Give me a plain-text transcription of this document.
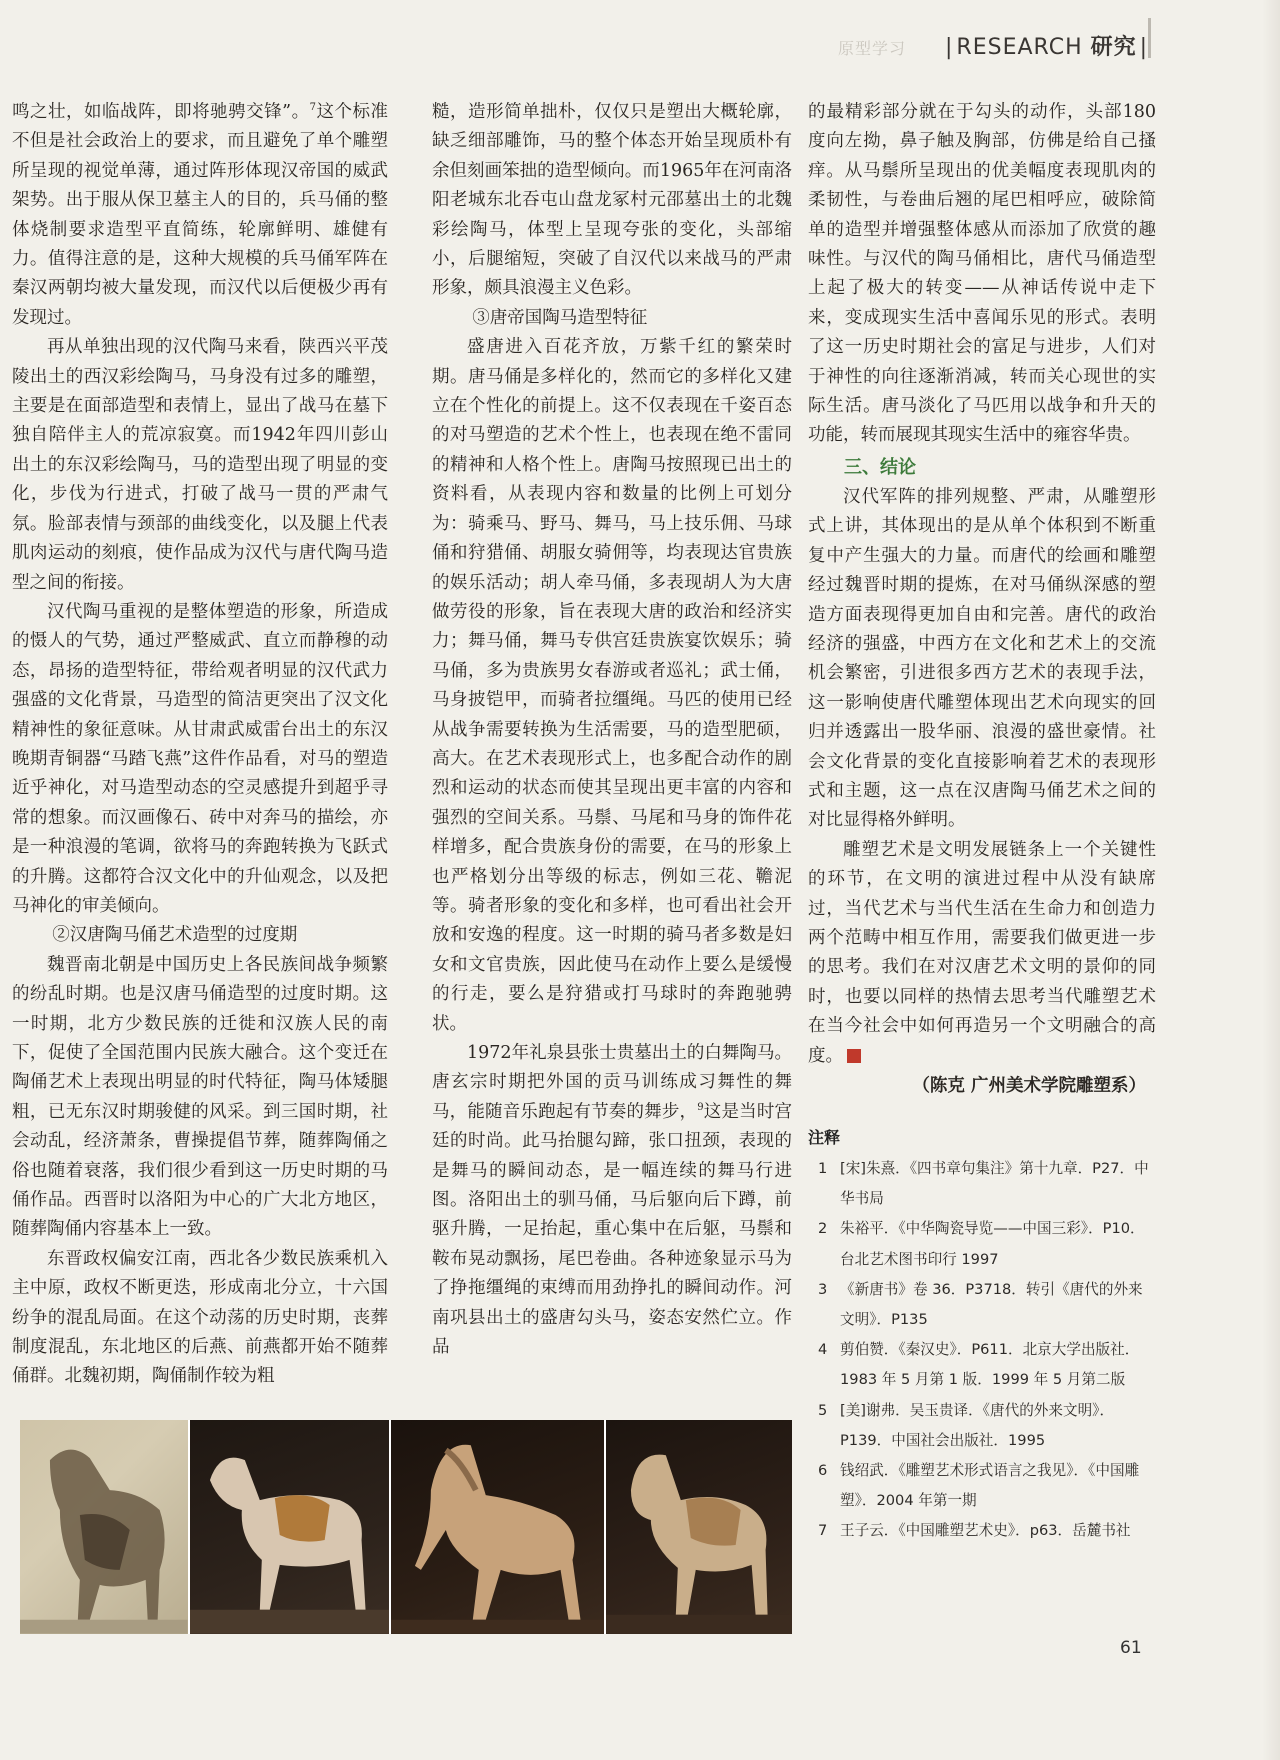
原型学习 | RESEARCH 研究 |

鸣之壮，如临战阵，即将驰骋交锋”。$^7$这个标准不但是社会政治上的要求，而且避免了单个雕塑所呈现的视觉单薄，通过阵形体现汉帝国的威武架势。出于服从保卫墓主人的目的，兵马俑的整体烧制要求造型平直简练，轮廓鲜明、雄健有力。值得注意的是，这种大规模的兵马俑军阵在秦汉两朝均被大量发现，而汉代以后便极少再有发现过。

再从单独出现的汉代陶马来看，陕西兴平茂陵出土的西汉彩绘陶马，马身没有过多的雕塑，主要是在面部造型和表情上，显出了战马在墓下独自陪伴主人的荒凉寂寞。而1942年四川彭山出土的东汉彩绘陶马，马的造型出现了明显的变化，步伐为行进式，打破了战马一贯的严肃气氛。脸部表情与颈部的曲线变化，以及腿上代表肌肉运动的刻痕，使作品成为汉代与唐代陶马造型之间的衔接。

汉代陶马重视的是整体塑造的形象，所造成的慑人的气势，通过严整威武、直立而静穆的动态，昂扬的造型特征，带给观者明显的汉代武力强盛的文化背景，马造型的简洁更突出了汉文化精神性的象征意味。从甘肃武威雷台出土的东汉晚期青铜器“马踏飞燕”这件作品看，对马的塑造近乎神化，对马造型动态的空灵感提升到超乎寻常的想象。而汉画像石、砖中对奔马的描绘，亦是一种浪漫的笔调，欲将马的奔跑转换为飞跃式的升腾。这都符合汉文化中的升仙观念，以及把马神化的审美倾向。

②汉唐陶马俑艺术造型的过度期

魏晋南北朝是中国历史上各民族间战争频繁的纷乱时期。也是汉唐马俑造型的过度时期。这一时期，北方少数民族的迁徙和汉族人民的南下，促使了全国范围内民族大融合。这个变迁在陶俑艺术上表现出明显的时代特征，陶马体矮腿粗，已无东汉时期骏健的风采。到三国时期，社会动乱，经济萧条，曹操提倡节葬，随葬陶俑之俗也随着衰落，我们很少看到这一历史时期的马俑作品。西晋时以洛阳为中心的广大北方地区，随葬陶俑内容基本上一致。

东晋政权偏安江南，西北各少数民族乘机入主中原，政权不断更迭，形成南北分立，十六国纷争的混乱局面。在这个动荡的历史时期，丧葬制度混乱，东北地区的后燕、前燕都开始不随葬俑群。北魏初期，陶俑制作较为粗

糙，造形简单拙朴，仅仅只是塑出大概轮廓，缺乏细部雕饰，马的整个体态开始呈现质朴有余但刻画笨拙的造型倾向。而1965年在河南洛阳老城东北吞屯山盘龙冢村元邵墓出土的北魏彩绘陶马，体型上呈现夸张的变化，头部缩小，后腿缩短，突破了自汉代以来战马的严肃形象，颇具浪漫主义色彩。

③唐帝国陶马造型特征

盛唐进入百花齐放，万紫千红的繁荣时期。唐马俑是多样化的，然而它的多样化又建立在个性化的前提上。这不仅表现在千姿百态的对马塑造的艺术个性上，也表现在绝不雷同的精神和人格个性上。唐陶马按照现已出土的资料看，从表现内容和数量的比例上可划分为：骑乘马、野马、舞马，马上技乐佣、马球俑和狩猎俑、胡服女骑佣等，均表现达官贵族的娱乐活动；胡人牵马俑，多表现胡人为大唐做劳役的形象，旨在表现大唐的政治和经济实力；舞马俑，舞马专供宫廷贵族宴饮娱乐；骑马俑，多为贵族男女春游或者巡礼；武士俑，马身披铠甲，而骑者拉缰绳。马匹的使用已经从战争需要转换为生活需要，马的造型肥硕，高大。在艺术表现形式上，也多配合动作的剧烈和运动的状态而使其呈现出更丰富的内容和强烈的空间关系。马鬃、马尾和马身的饰件花样增多，配合贵族身份的需要，在马的形象上也严格划分出等级的标志，例如三花、韂泥等。骑者形象的变化和多样，也可看出社会开放和安逸的程度。这一时期的骑马者多数是妇女和文官贵族，因此使马在动作上要么是缓慢的行走，要么是狩猎或打马球时的奔跑驰骋状。

1972年礼泉县张士贵墓出土的白舞陶马。唐玄宗时期把外国的贡马训练成习舞性的舞马，能随音乐跑起有节奏的舞步，$^9$这是当时宫廷的时尚。此马抬腿勾蹄，张口扭颈，表现的是舞马的瞬间动态，是一幅连续的舞马行进图。洛阳出土的驯马俑，马后躯向后下蹲，前驱升腾，一足抬起，重心集中在后躯，马鬃和鞍布晃动飘扬，尾巴卷曲。各种迹象显示马为了挣拖缰绳的束缚而用劲挣扎的瞬间动作。河南巩县出土的盛唐勾头马，姿态安然伫立。作品

的最精彩部分就在于勾头的动作，头部180度向左拗，鼻子触及胸部，仿佛是给自己搔痒。从马鬃所呈现出的优美幅度表现肌肉的柔韧性，与卷曲后翘的尾巴相呼应，破除简单的造型并增强整体感从而添加了欣赏的趣味性。与汉代的陶马俑相比，唐代马俑造型上起了极大的转变——从神话传说中走下来，变成现实生活中喜闻乐见的形式。表明了这一历史时期社会的富足与进步，人们对于神性的向往逐渐消减，转而关心现世的实际生活。唐马淡化了马匹用以战争和升天的功能，转而展现其现实生活中的雍容华贵。

三、结论

汉代军阵的排列规整、严肃，从雕塑形式上讲，其体现出的是从单个体积到不断重复中产生强大的力量。而唐代的绘画和雕塑经过魏晋时期的提炼，在对马俑纵深感的塑造方面表现得更加自由和完善。唐代的政治经济的强盛，中西方在文化和艺术上的交流机会繁密，引进很多西方艺术的表现手法，这一影响使唐代雕塑体现出艺术向现实的回归并透露出一股华丽、浪漫的盛世豪情。社会文化背景的变化直接影响着艺术的表现形式和主题，这一点在汉唐陶马俑艺术之间的对比显得格外鲜明。

雕塑艺术是文明发展链条上一个关键性的环节，在文明的演进过程中从没有缺席过，当代艺术与当代生活在生命力和创造力两个范畴中相互作用，需要我们做更进一步的思考。我们在对汉唐艺术文明的景仰的同时，也要以同样的热情去思考当代雕塑艺术在当今社会中如何再造另一个文明融合的高度。

（陈克 广州美术学院雕塑系）
注释
1 [宋]朱熹．《四书章句集注》第十九章．P27．中华书局
2 朱裕平．《中华陶瓷导览——中国三彩》．P10．台北艺术图书印行 1997
3 《新唐书》卷 36．P3718．转引《唐代的外来文明》．P135
4 剪伯赞．《秦汉史》．P611．北京大学出版社．1983 年 5 月第 1 版．1999 年 5 月第二版
5 [美]谢弗．吴玉贵译．《唐代的外来文明》．P139．中国社会出版社．1995
6 钱绍武．《雕塑艺术形式语言之我见》．《中国雕塑》．2004 年第一期
7 王子云．《中国雕塑艺术史》．p63．岳麓书社
61
